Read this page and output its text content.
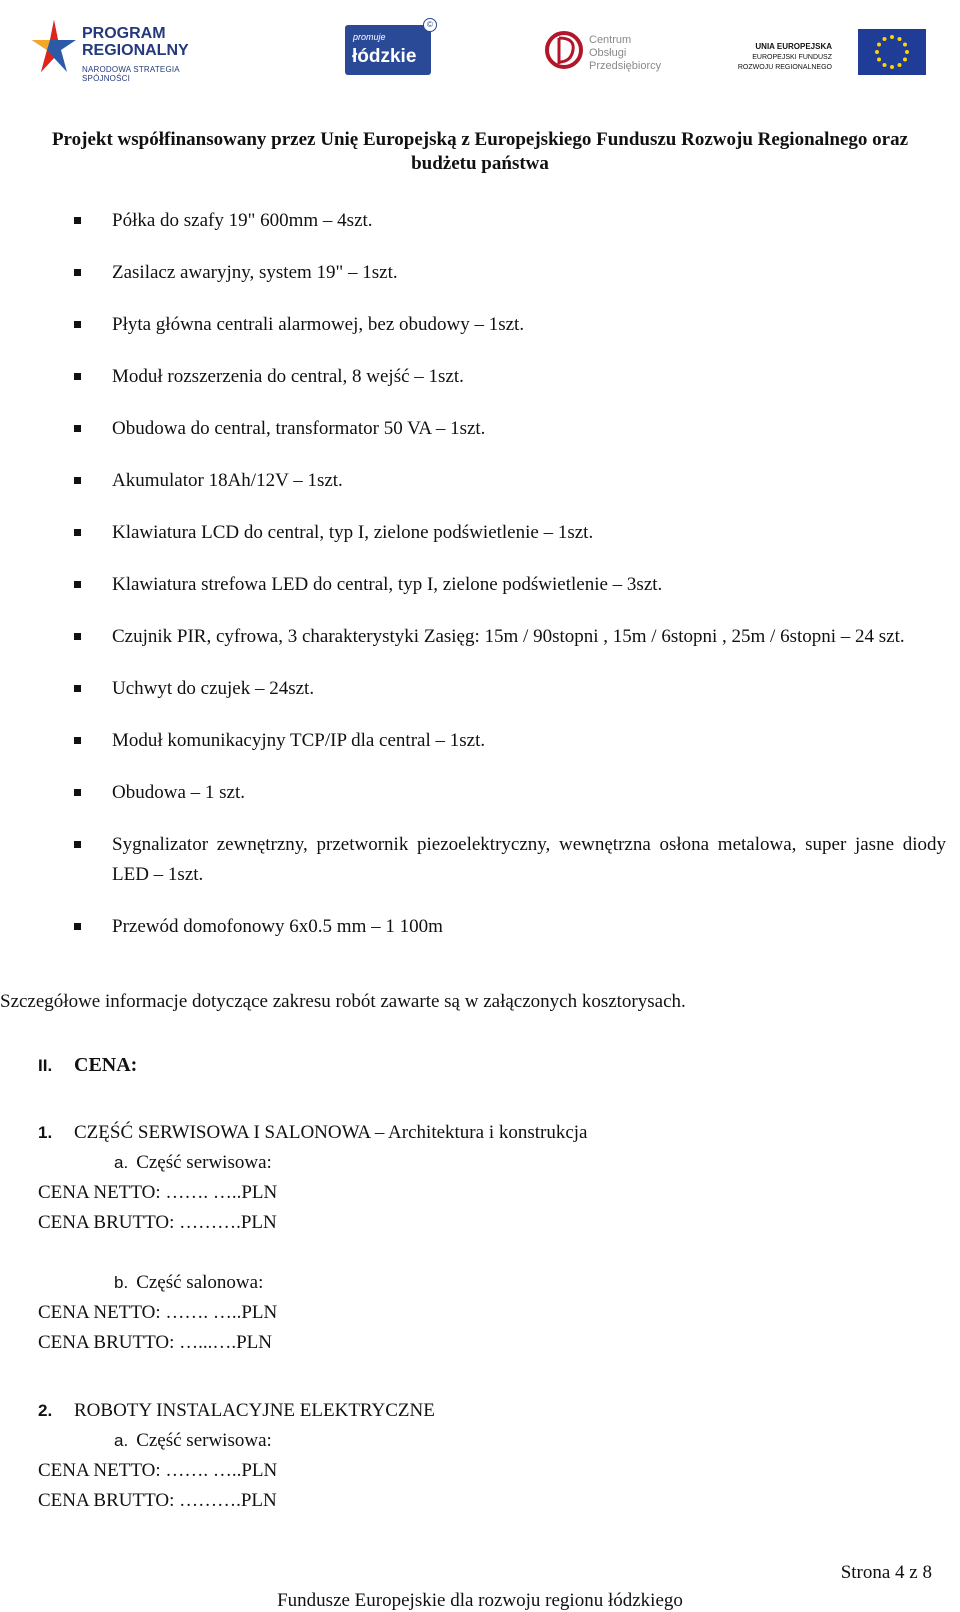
PROGRAM
REGIONALNY
NARODOWA STRATEGIA SPÓJNOŚCI
promuje
łódzkie
©
Centrum
Obsługi
Przedsiębiorcy
UNIA EUROPEJSKA
EUROPEJSKI FUNDUSZ
ROZWOJU REGIONALNEGO
Projekt współfinansowany przez Unię Europejską z Europejskiego Funduszu Rozwoju Regionalnego oraz
budżetu państwa
Półka do szafy 19" 600mm – 4szt.
Zasilacz awaryjny, system 19" – 1szt.
Płyta główna centrali alarmowej, bez obudowy – 1szt.
Moduł rozszerzenia do central, 8 wejść – 1szt.
Obudowa do central, transformator 50 VA – 1szt.
Akumulator 18Ah/12V – 1szt.
Klawiatura LCD do central, typ I, zielone podświetlenie – 1szt.
Klawiatura strefowa LED do central, typ I, zielone podświetlenie – 3szt.
Czujnik PIR, cyfrowa, 3 charakterystyki Zasięg: 15m / 90stopni , 15m / 6stopni , 25m / 6stopni – 24 szt.
Uchwyt do czujek – 24szt.
Moduł komunikacyjny TCP/IP dla central – 1szt.
Obudowa – 1 szt.
Sygnalizator zewnętrzny, przetwornik piezoelektryczny, wewnętrzna osłona metalowa, super jasne diody LED – 1szt.
Przewód domofonowy 6x0.5 mm – 1 100m
Szczegółowe informacje dotyczące zakresu robót zawarte są w załączonych kosztorysach.
II. CENA:
1. CZĘŚĆ SERWISOWA I SALONOWA – Architektura i konstrukcja
a. Część serwisowa:
CENA NETTO: ……. …..PLN
CENA BRUTTO: ……….PLN
b. Część salonowa:
CENA NETTO: ……. …..PLN
CENA BRUTTO: …...….PLN
2. ROBOTY INSTALACYJNE ELEKTRYCZNE
a. Część serwisowa:
CENA NETTO: ……. …..PLN
CENA BRUTTO: ……….PLN
Strona 4 z 8
Fundusze Europejskie dla rozwoju regionu łódzkiego
